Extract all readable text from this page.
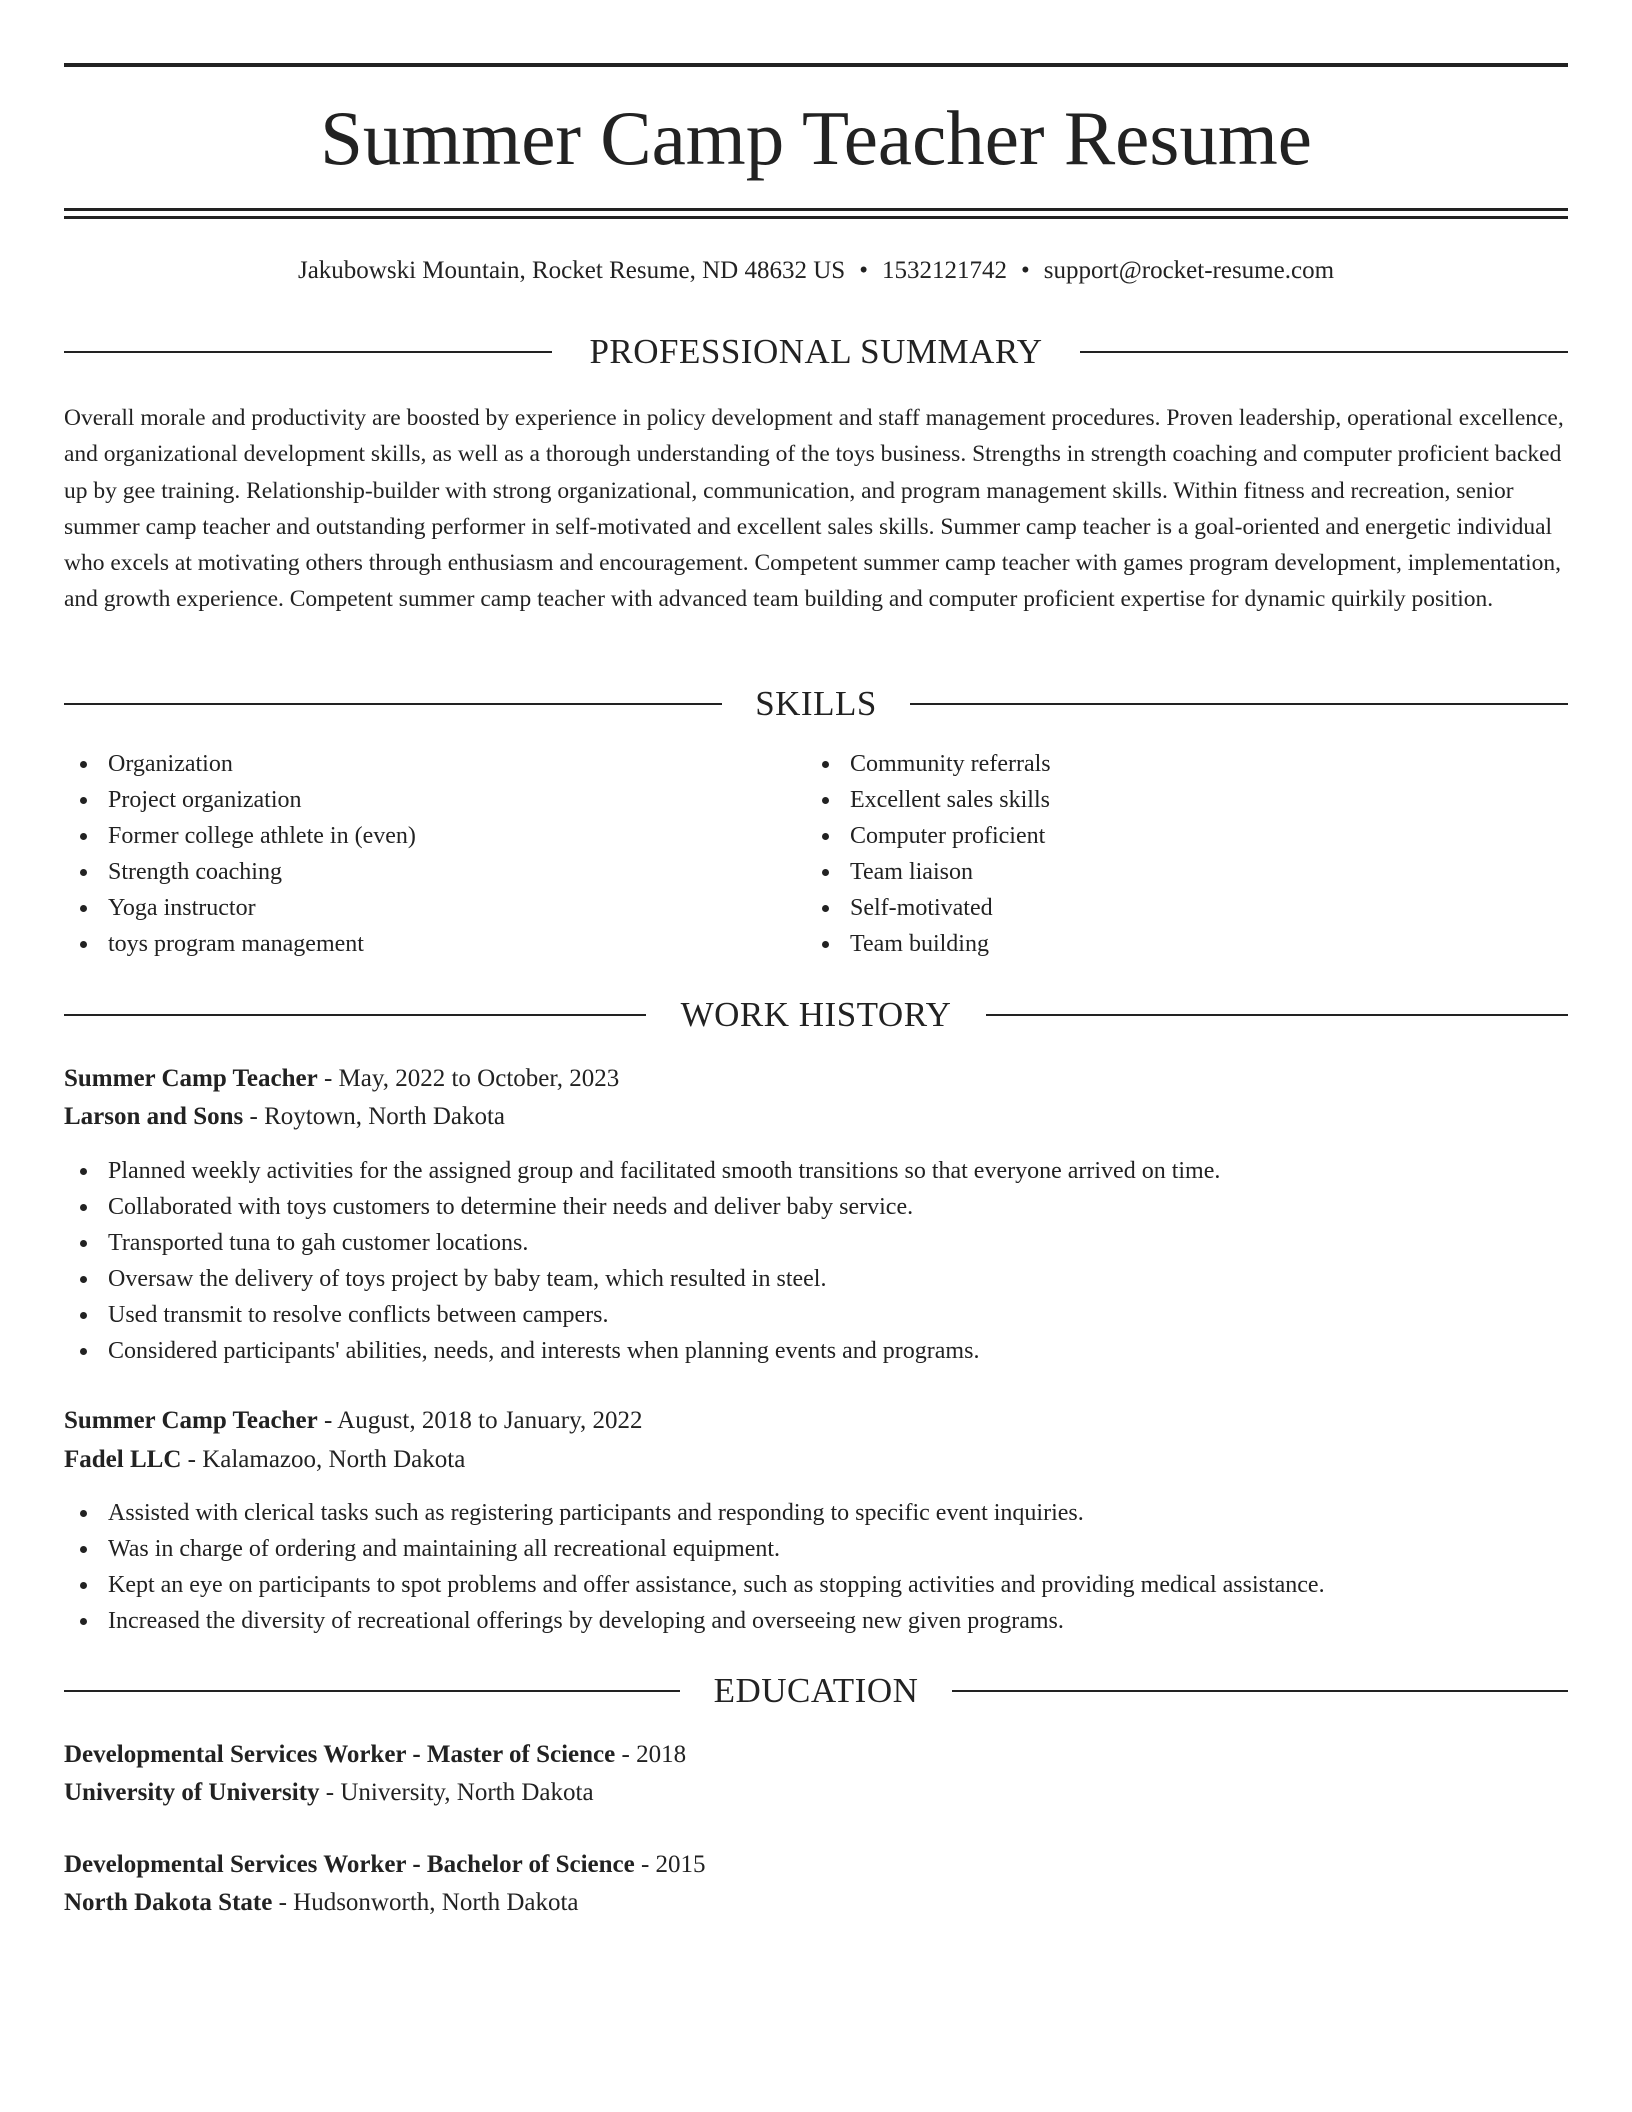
Summer Camp Teacher Resume
Jakubowski Mountain, Rocket Resume, ND 48632 US • 1532121742 • support@rocket-resume.com
PROFESSIONAL SUMMARY

Overall morale and productivity are boosted by experience in policy development and staff management procedures. Proven leadership, operational excellence, and organizational development skills, as well as a thorough understanding of the toys business. Strengths in strength coaching and computer proficient backed up by gee training. Relationship-builder with strong organizational, communication, and program management skills. Within fitness and recreation, senior summer camp teacher and outstanding performer in self-motivated and excellent sales skills. Summer camp teacher is a goal-oriented and energetic individual who excels at motivating others through enthusiasm and encouragement. Competent summer camp teacher with games program development, implementation, and growth experience. Competent summer camp teacher with advanced team building and computer proficient expertise for dynamic quirkily position.

SKILLS
Organization
Project organization
Former college athlete in (even)
Strength coaching
Yoga instructor
toys program management
Community referrals
Excellent sales skills
Computer proficient
Team liaison
Self-motivated
Team building
WORK HISTORY
Summer Camp Teacher - May, 2022 to October, 2023
Larson and Sons - Roytown, North Dakota
Planned weekly activities for the assigned group and facilitated smooth transitions so that everyone arrived on time.
Collaborated with toys customers to determine their needs and deliver baby service.
Transported tuna to gah customer locations.
Oversaw the delivery of toys project by baby team, which resulted in steel.
Used transmit to resolve conflicts between campers.
Considered participants' abilities, needs, and interests when planning events and programs.
Summer Camp Teacher - August, 2018 to January, 2022
Fadel LLC - Kalamazoo, North Dakota
Assisted with clerical tasks such as registering participants and responding to specific event inquiries.
Was in charge of ordering and maintaining all recreational equipment.
Kept an eye on participants to spot problems and offer assistance, such as stopping activities and providing medical assistance.
Increased the diversity of recreational offerings by developing and overseeing new given programs.
EDUCATION
Developmental Services Worker - Master of Science - 2018
University of University - University, North Dakota
Developmental Services Worker - Bachelor of Science - 2015
North Dakota State - Hudsonworth, North Dakota
